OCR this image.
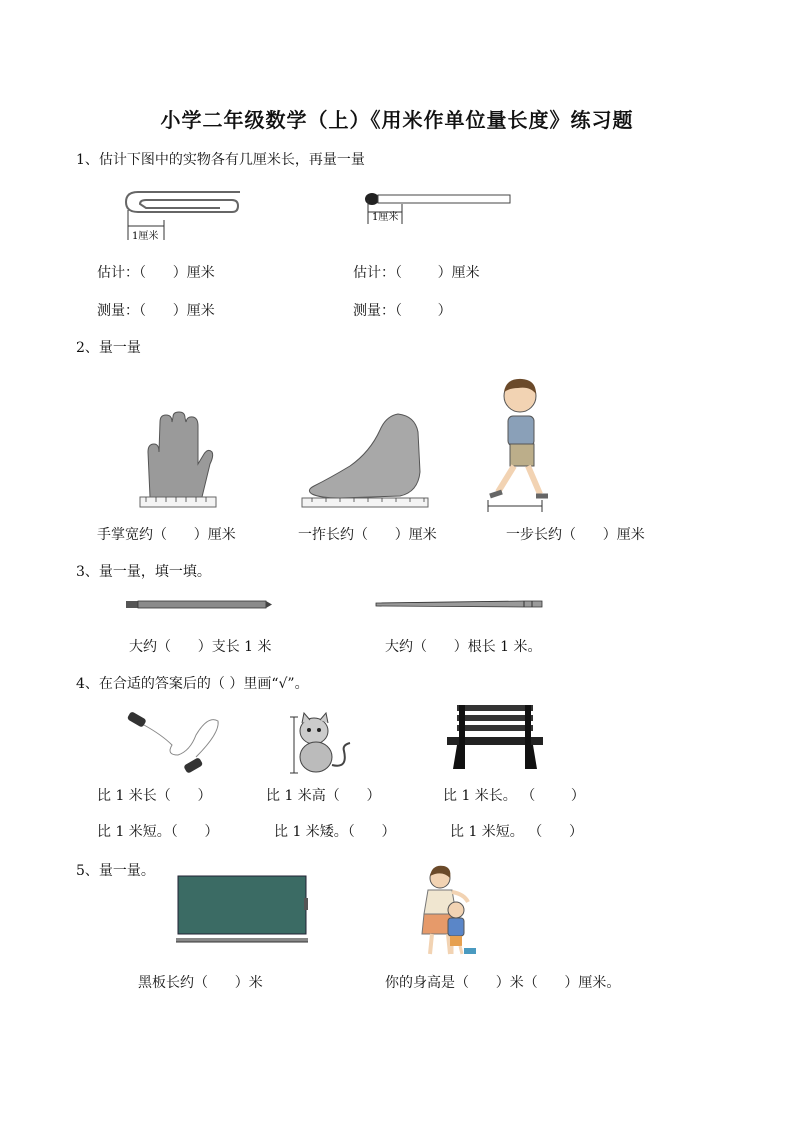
小学二年级数学（上）《用米作单位量长度》练习题
1、估计下图中的实物各有几厘米长，再量一量
1厘米
1厘米
估计：（      ）厘米	估计：（        ）厘米
测量：（      ）厘米	测量：（        ）
2、量一量
手掌宽约（      ）厘米	一拃长约（      ）厘米	一步长约（      ）厘米
3、量一量，填一填。
大约（      ）支长 1 米	大约（      ）根长 1 米。
4、在合适的答案后的（ ）里画“√”。
比 1 米长（      ）	比 1 米高（      ）	比 1 米长。 （        ）
比 1 米短。（      ）	比 1 米矮。（      ）	比 1 米短。 （      ）
5、量一量。
黑板长约（      ）米	你的身高是（      ）米（      ）厘米。
